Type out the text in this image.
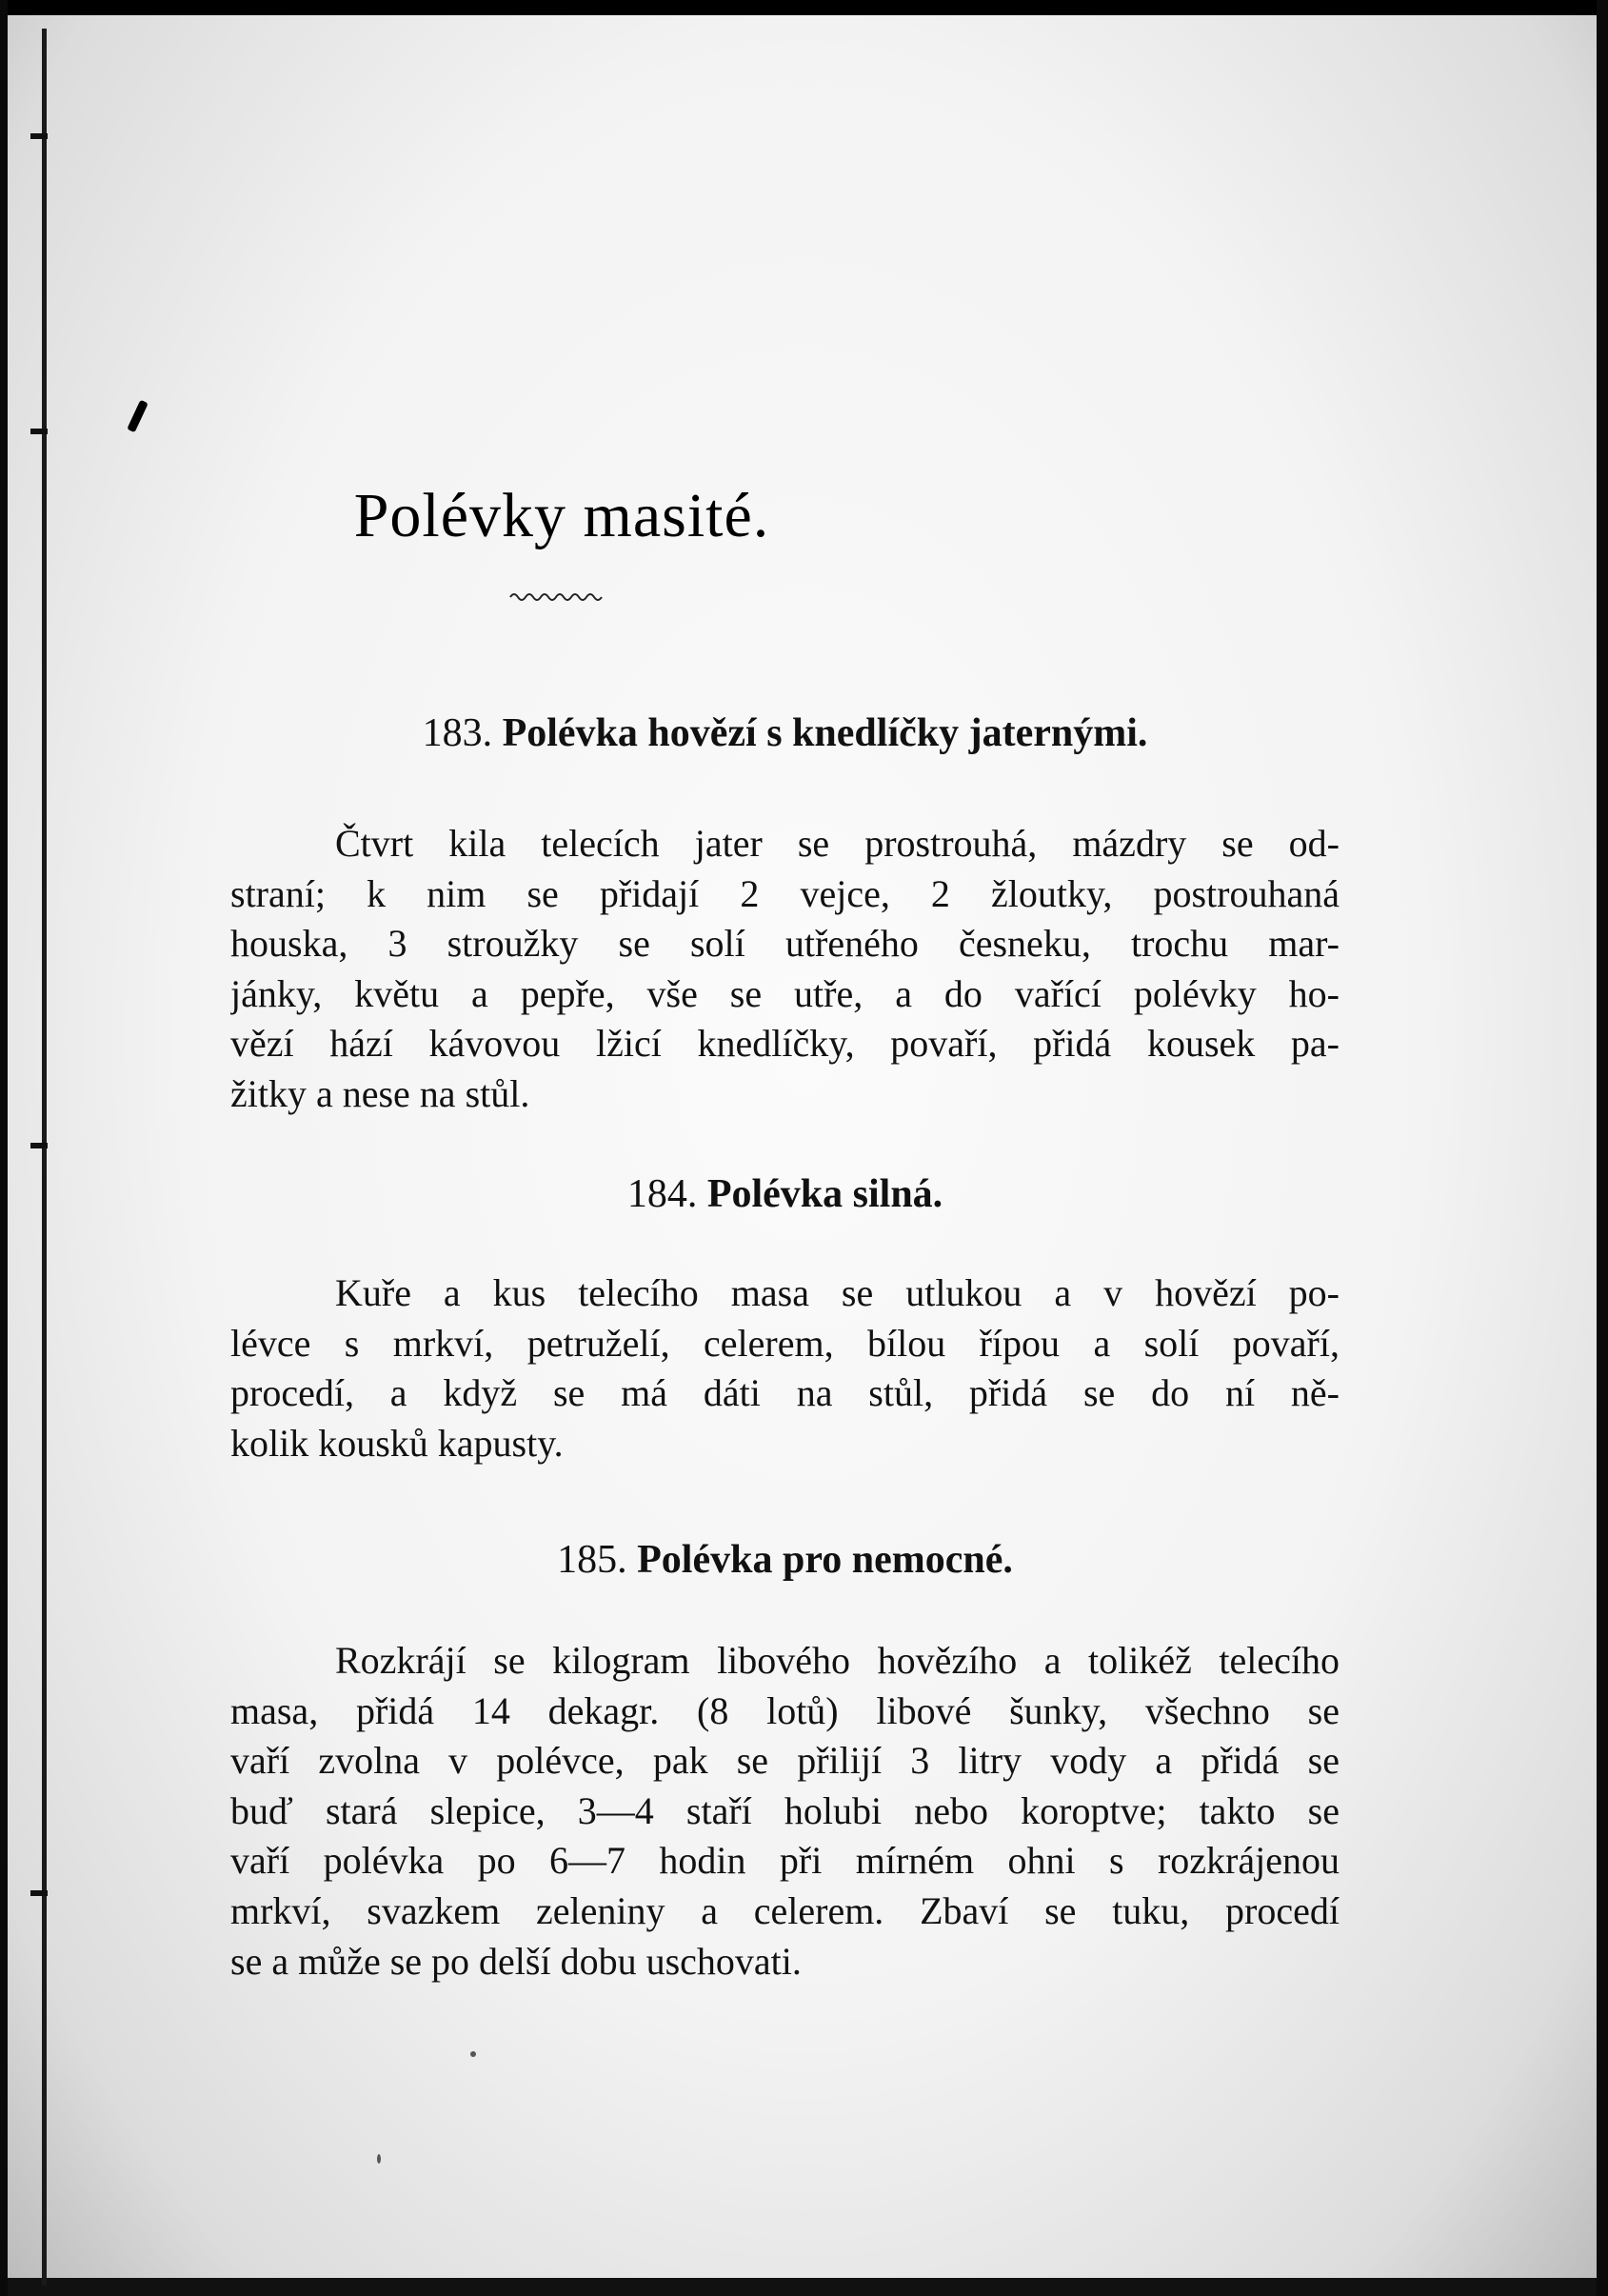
Polévky masité.
183. Polévka hovězí s knedlíčky jaternými.

Čtvrt kila telecích jater se prostrouhá, mázdry se od-
straní; k nim se přidají 2 vejce, 2 žloutky, postrouhaná
houska, 3 stroužky se solí utřeného česneku, trochu mar-
jánky, květu a pepře, vše se utře, a do vařící polévky ho-
vězí hází kávovou lžicí knedlíčky, povaří, přidá kousek pa-
žitky a nese na stůl.

184. Polévka silná.

Kuře a kus telecího masa se utlukou a v hovězí po-
lévce s mrkví, petruželí, celerem, bílou řípou a solí povaří,
procedí, a když se má dáti na stůl, přidá se do ní ně-
kolik kousků kapusty.

185. Polévka pro nemocné.

Rozkrájí se kilogram libového hovězího a tolikéž telecího
masa, přidá 14 dekagr. (8 lotů) libové šunky, všechno se
vaří zvolna v polévce, pak se přilijí 3 litry vody a přidá se
buď stará slepice, 3—4 staří holubi nebo koroptve; takto se
vaří polévka po 6—7 hodin při mírném ohni s rozkrájenou
mrkví, svazkem zeleniny a celerem. Zbaví se tuku, procedí
se a může se po delší dobu uschovati.
